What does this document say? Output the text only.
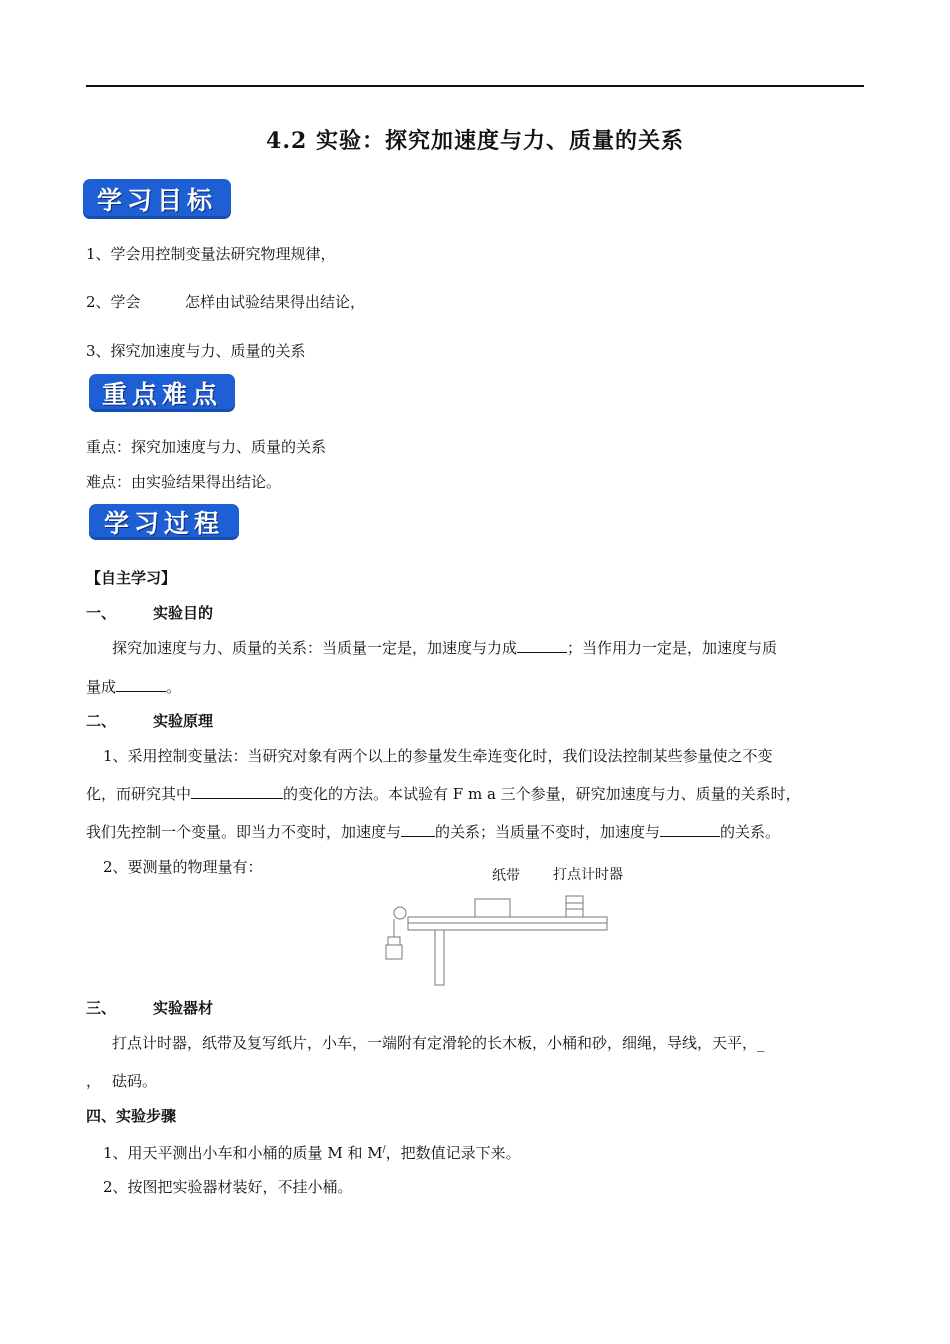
4.2 实验：探究加速度与力、质量的关系
学习目标
1、学会用控制变量法研究物理规律，
2、学会	怎样由试验结果得出结论，
3、探究加速度与力、质量的关系
重点难点
重点：探究加速度与力、质量的关系
难点：由实验结果得出结论。
学习过程
【自主学习】
一、 实验目的
探究加速度与力、质量的关系：当质量一定是，加速度与力成	；当作用力一定是，加速度与质
量成	。
二、 实验原理
1、采用控制变量法：当研究对象有两个以上的参量发生牵连变化时，我们设法控制某些参量使之不变
化，而研究其中	的变化的方法。本试验有 F m a 三个参量，研究加速度与力、质量的关系时，
我们先控制一个变量。即当力不变时，加速度与 的关系；当质量不变时，加速度与	的关系。
2、要测量的物理量有：	纸带 打点计时器
三、 实验器材
打点计时器，纸带及复写纸片，小车，一端附有定滑轮的长木板，小桶和砂，细绳，导线，天平，_
， 砝码。
四、实验步骤
1、用天平测出小车和小桶的质量 M 和 M/，把数值记录下来。
2、按图把实验器材装好，不挂小桶。
